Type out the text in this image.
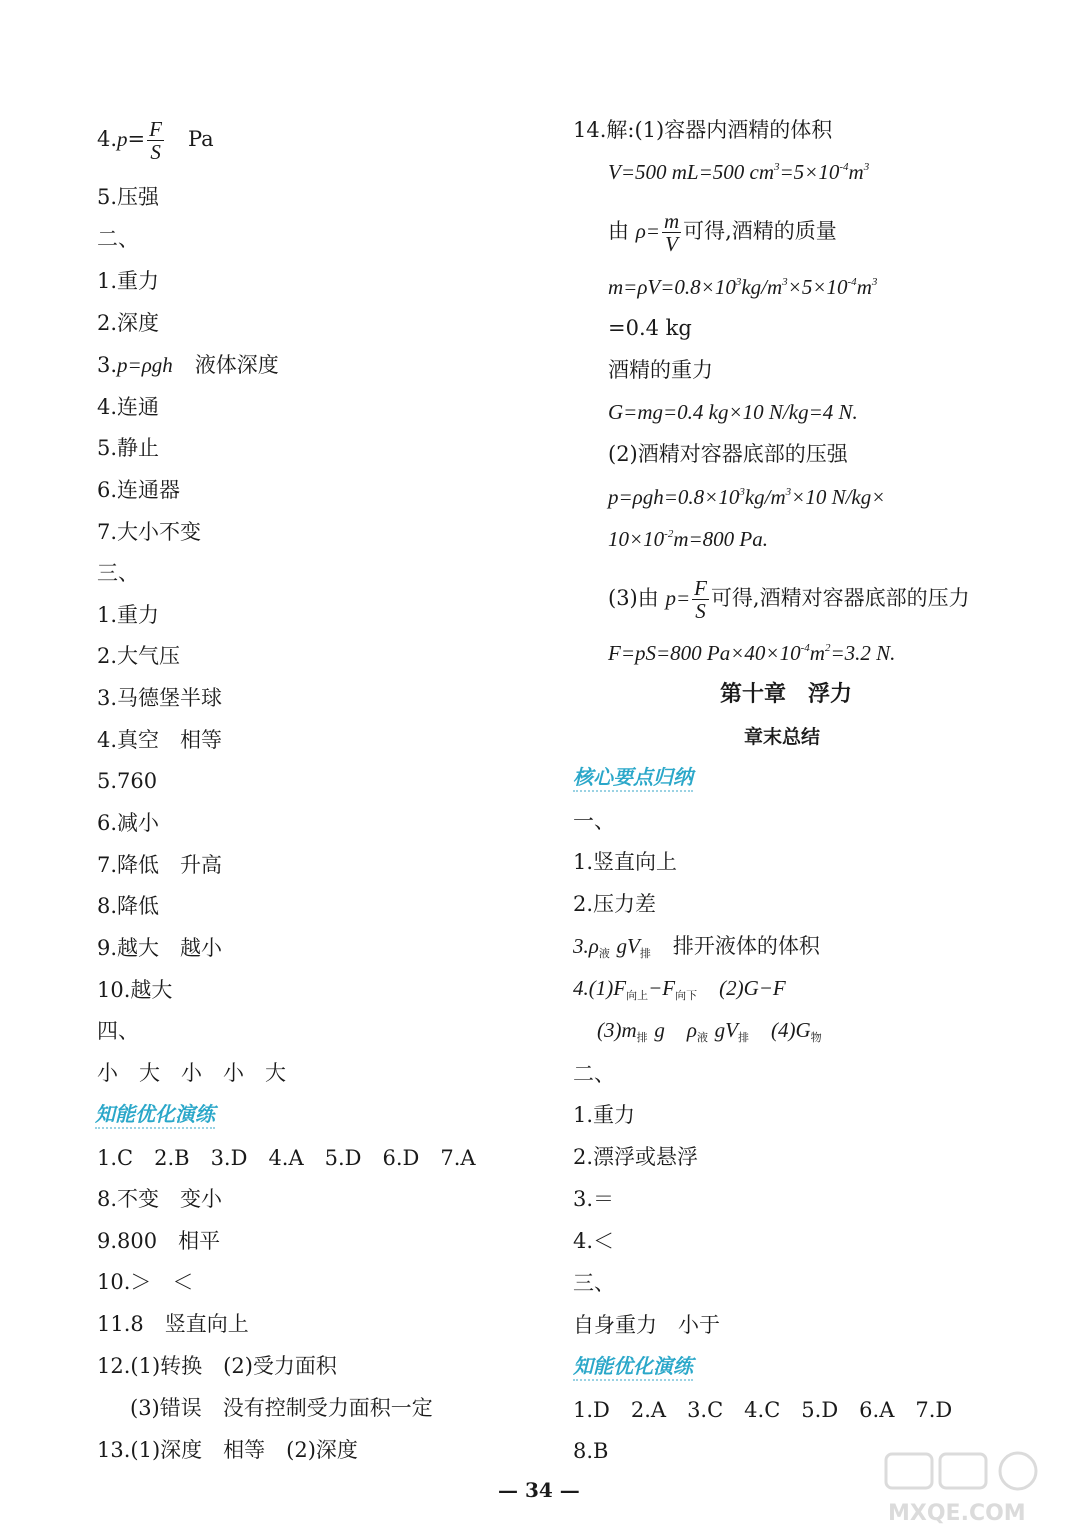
$4.p= \frac{F}{S}$ Pa
5.压强
二、
1.重力
2.深度
3.p=ρgh 液体深度
4.连通
5.静止
6.连通器
7.大小不变
三、
1.重力
2.大气压
3.马德堡半球
4.真空　相等
5.760
6.减小
7.降低　升高
8.降低
9.越大　越小
10.越大
四、
小　大　小　小　大
知能优化演练
1.C　2.B　3.D　4.A　5.D　6.D　7.A
8.不变　变小
9.800　相平
10.＞　＜
11.8　竖直向上
12.(1)转换　(2)受力面积
(3)错误　没有控制受力面积一定
13.(1)深度　相等　(2)深度
14.解:(1)容器内酒精的体积
V=500 mL=500 $cm^3=5\times 10^{-4}m^3$
由 $\rho= \frac{m}{V}$ 可得,酒精的质量
$m=\rho V=0.8\times 10^3kg/m^3\times 5\times 10^{-4}m^3$
=0.4 kg
酒精的重力
G=mg=0.4 kg×10 N/kg=4 N.
(2)酒精对容器底部的压强
$p=\rho gh=0.8\times 10^3kg/m^3\times 10$ N/kg×
$10\times 10^{-2}m=800$ Pa.
(3)由 $p= \frac{F}{S}$ 可得,酒精对容器底部的压力
F=pS=800 $Pa\times 40\times 10^{-4}m^2=3.2$ N.
第十章　浮力
章末总结
核心要点归纳
一、
1.竖直向上
2.压力差
$3.\rho_液$ $gV_排$ 排开液体的体积
$4.(1)F_{向上}-F_{向下}$ (2)G−F
$(3)m_排$ g $\rho_液$ $gV_排$ $(4)G_物$
二、
1.重力
2.漂浮或悬浮
3.＝
4.＜
三、
自身重力　小于
知能优化演练
1.D　2.A　3.C　4.C　5.D　6.A　7.D
8.B
— 34 —
MXQE.COM
